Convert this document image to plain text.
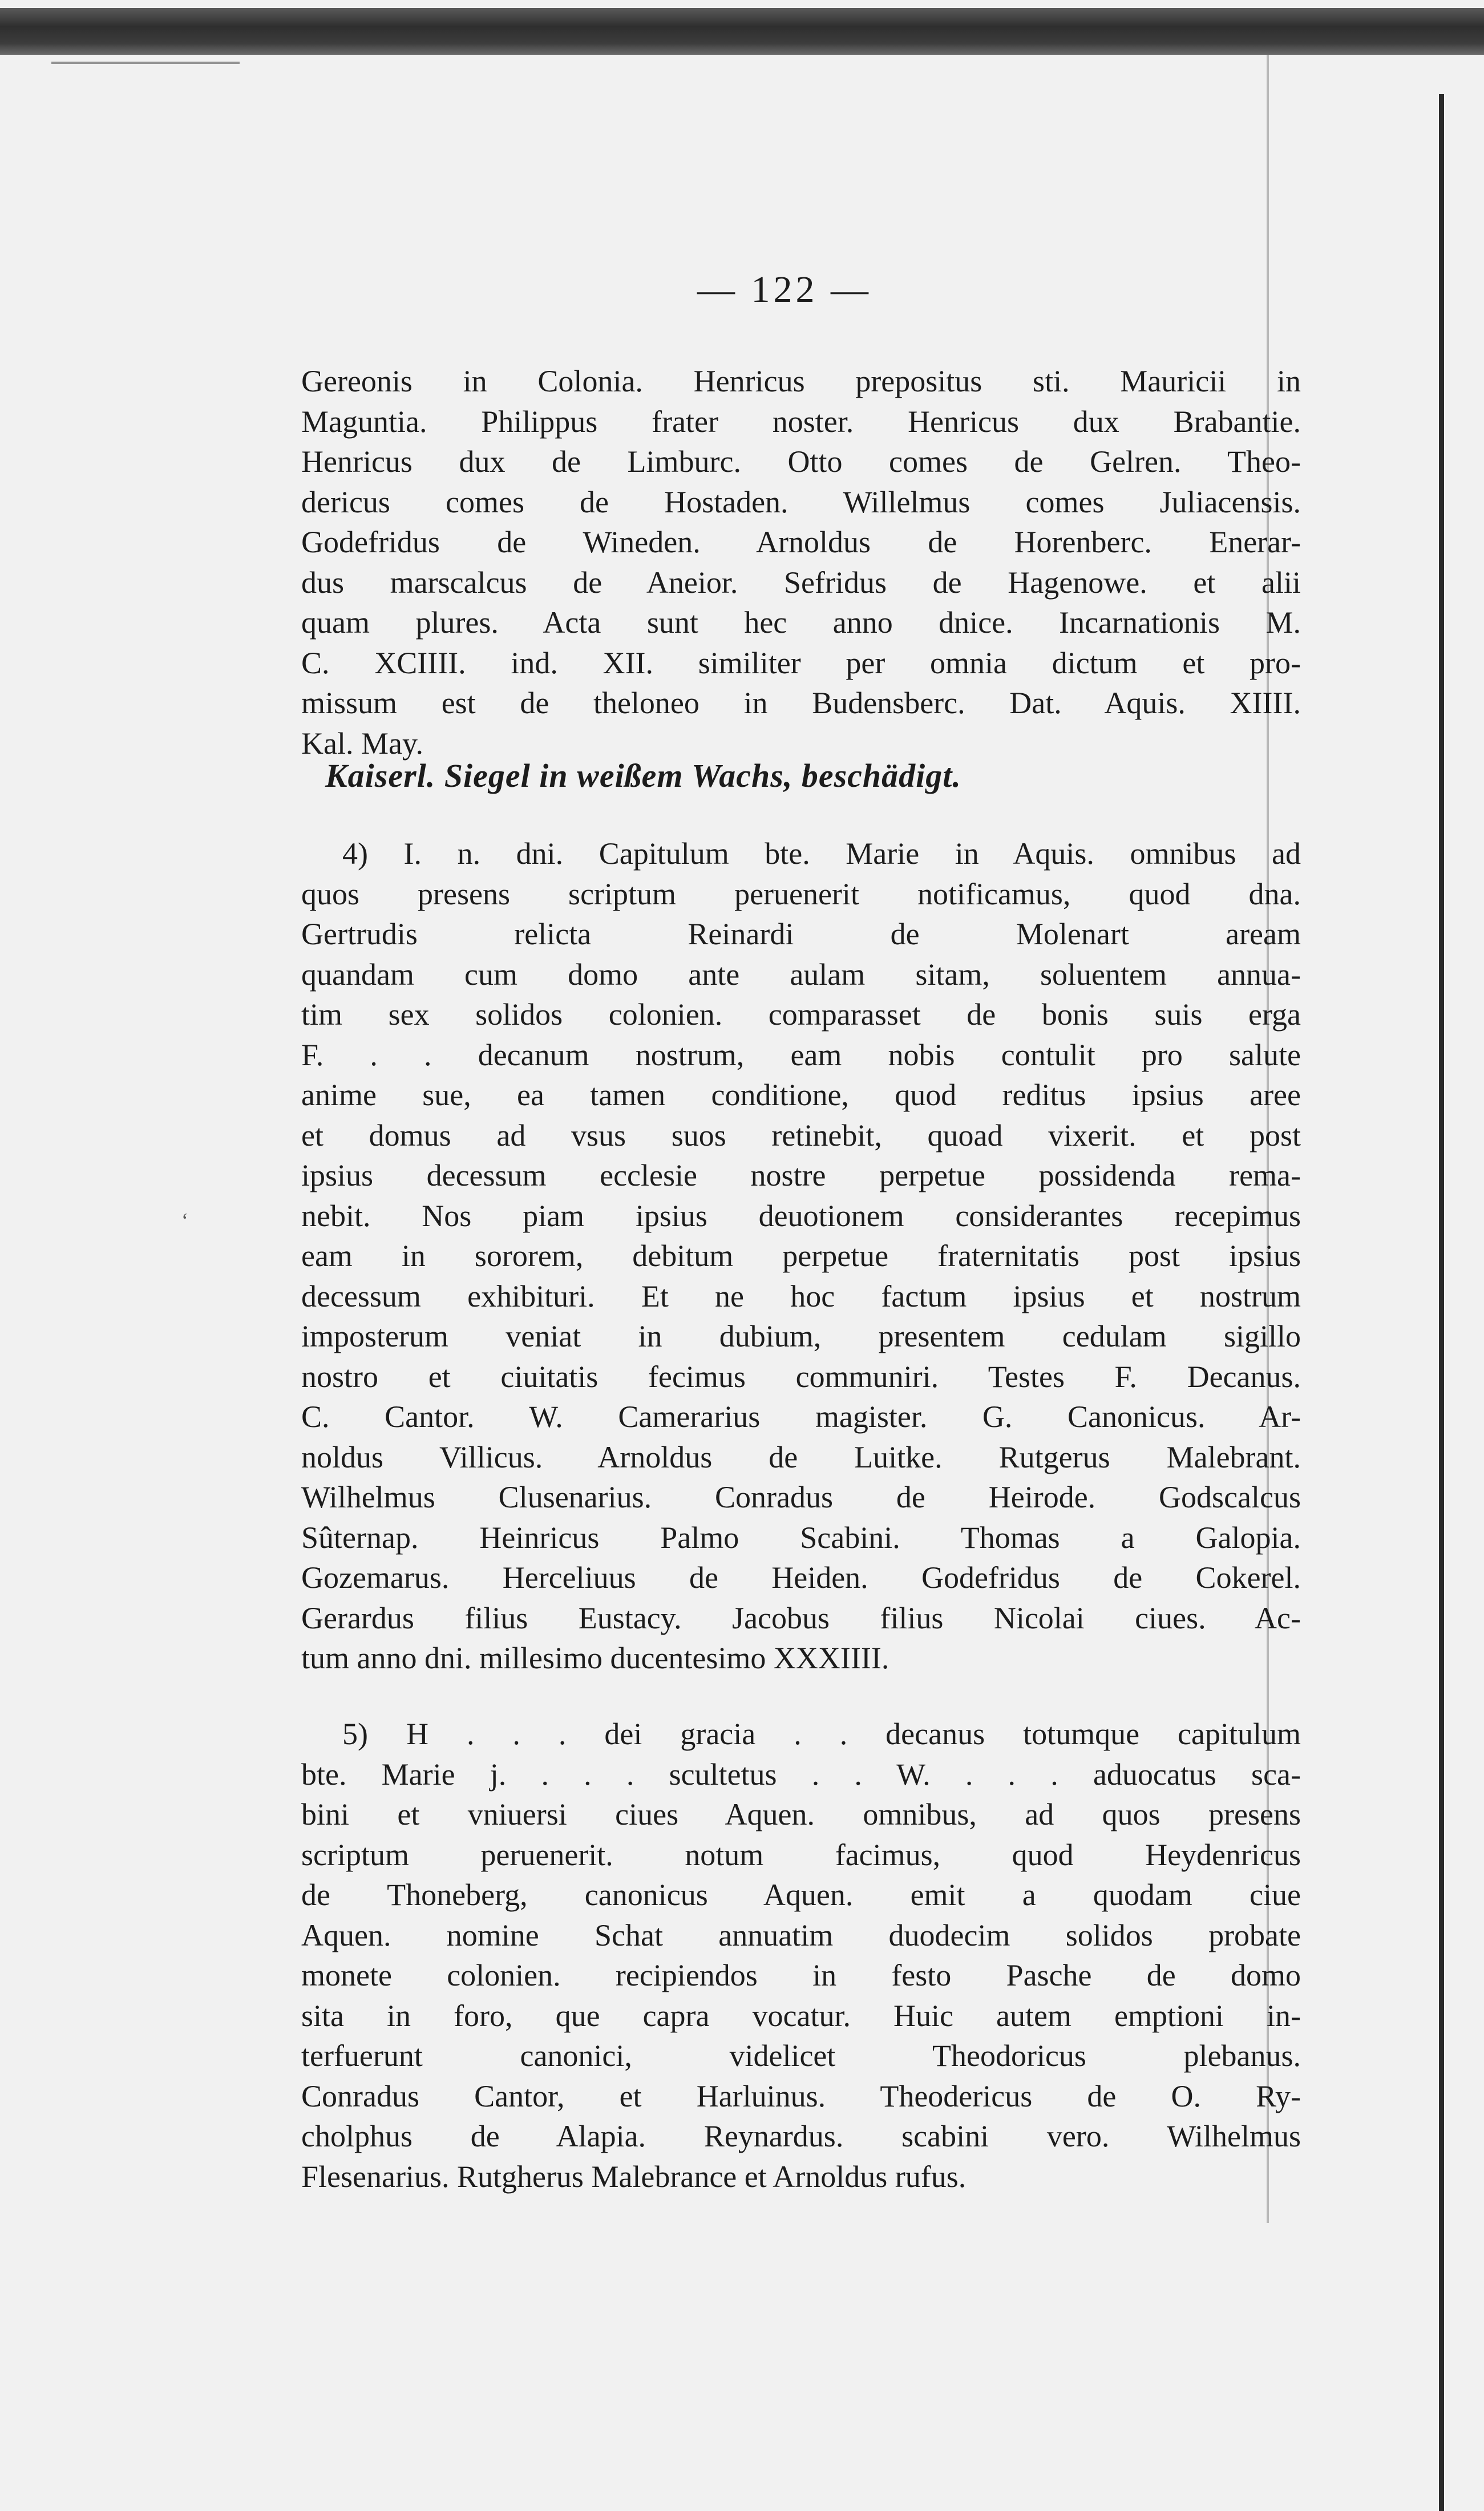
— 122 —
Gereonis in Colonia. Henricus prepositus sti. Mauricii in
Maguntia. Philippus frater noster. Henricus dux Brabantie.
Henricus dux de Limburc. Otto comes de Gelren. Theo-
dericus comes de Hostaden. Willelmus comes Juliacensis.
Godefridus de Wineden. Arnoldus de Horenberc. Enerar-
dus marscalcus de Aneior. Sefridus de Hagenowe. et alii
quam plures. Acta sunt hec anno dnice. Incarnationis M.
C. XCIIII. ind. XII. similiter per omnia dictum et pro-
missum est de theloneo in Budensberc. Dat. Aquis. XIIII.
Kal. May.
Kaiserl. Siegel in weißem Wachs, beschädigt.
4) I. n. dni. Capitulum bte. Marie in Aquis. omnibus ad
quos presens scriptum peruenerit notificamus, quod dna.
Gertrudis relicta Reinardi de Molenart aream
quandam cum domo ante aulam sitam, soluentem annua-
tim sex solidos colonien. comparasset de bonis suis erga
F. . . decanum nostrum, eam nobis contulit pro salute
anime sue, ea tamen conditione, quod reditus ipsius aree
et domus ad vsus suos retinebit, quoad vixerit. et post
ipsius decessum ecclesie nostre perpetue possidenda rema-
nebit. Nos piam ipsius deuotionem considerantes recepimus
eam in sororem, debitum perpetue fraternitatis post ipsius
decessum exhibituri. Et ne hoc factum ipsius et nostrum
imposterum veniat in dubium, presentem cedulam sigillo
nostro et ciuitatis fecimus communiri. Testes F. Decanus.
C. Cantor. W. Camerarius magister. G. Canonicus. Ar-
noldus Villicus. Arnoldus de Luitke. Rutgerus Malebrant.
Wilhelmus Clusenarius. Conradus de Heirode. Godscalcus
Sûternap. Heinricus Palmo Scabini. Thomas a Galopia.
Gozemarus. Herceliuus de Heiden. Godefridus de Cokerel.
Gerardus filius Eustacy. Jacobus filius Nicolai ciues. Ac-
tum anno dni. millesimo ducentesimo XXXIIII.
5) H . . . dei gracia . . decanus totumque capitulum
bte. Marie j. . . . scultetus . . W. . . . aduocatus sca-
bini et vniuersi ciues Aquen. omnibus, ad quos presens
scriptum peruenerit. notum facimus, quod Heydenricus
de Thoneberg, canonicus Aquen. emit a quodam ciue
Aquen. nomine Schat annuatim duodecim solidos probate
monete colonien. recipiendos in festo Pasche de domo
sita in foro, que capra vocatur. Huic autem emptioni in-
terfuerunt canonici, videlicet Theodoricus plebanus.
Conradus Cantor, et Harluinus. Theodericus de O. Ry-
cholphus de Alapia. Reynardus. scabini vero. Wilhelmus
Flesenarius. Rutgherus Malebrance et Arnoldus rufus.
‘
